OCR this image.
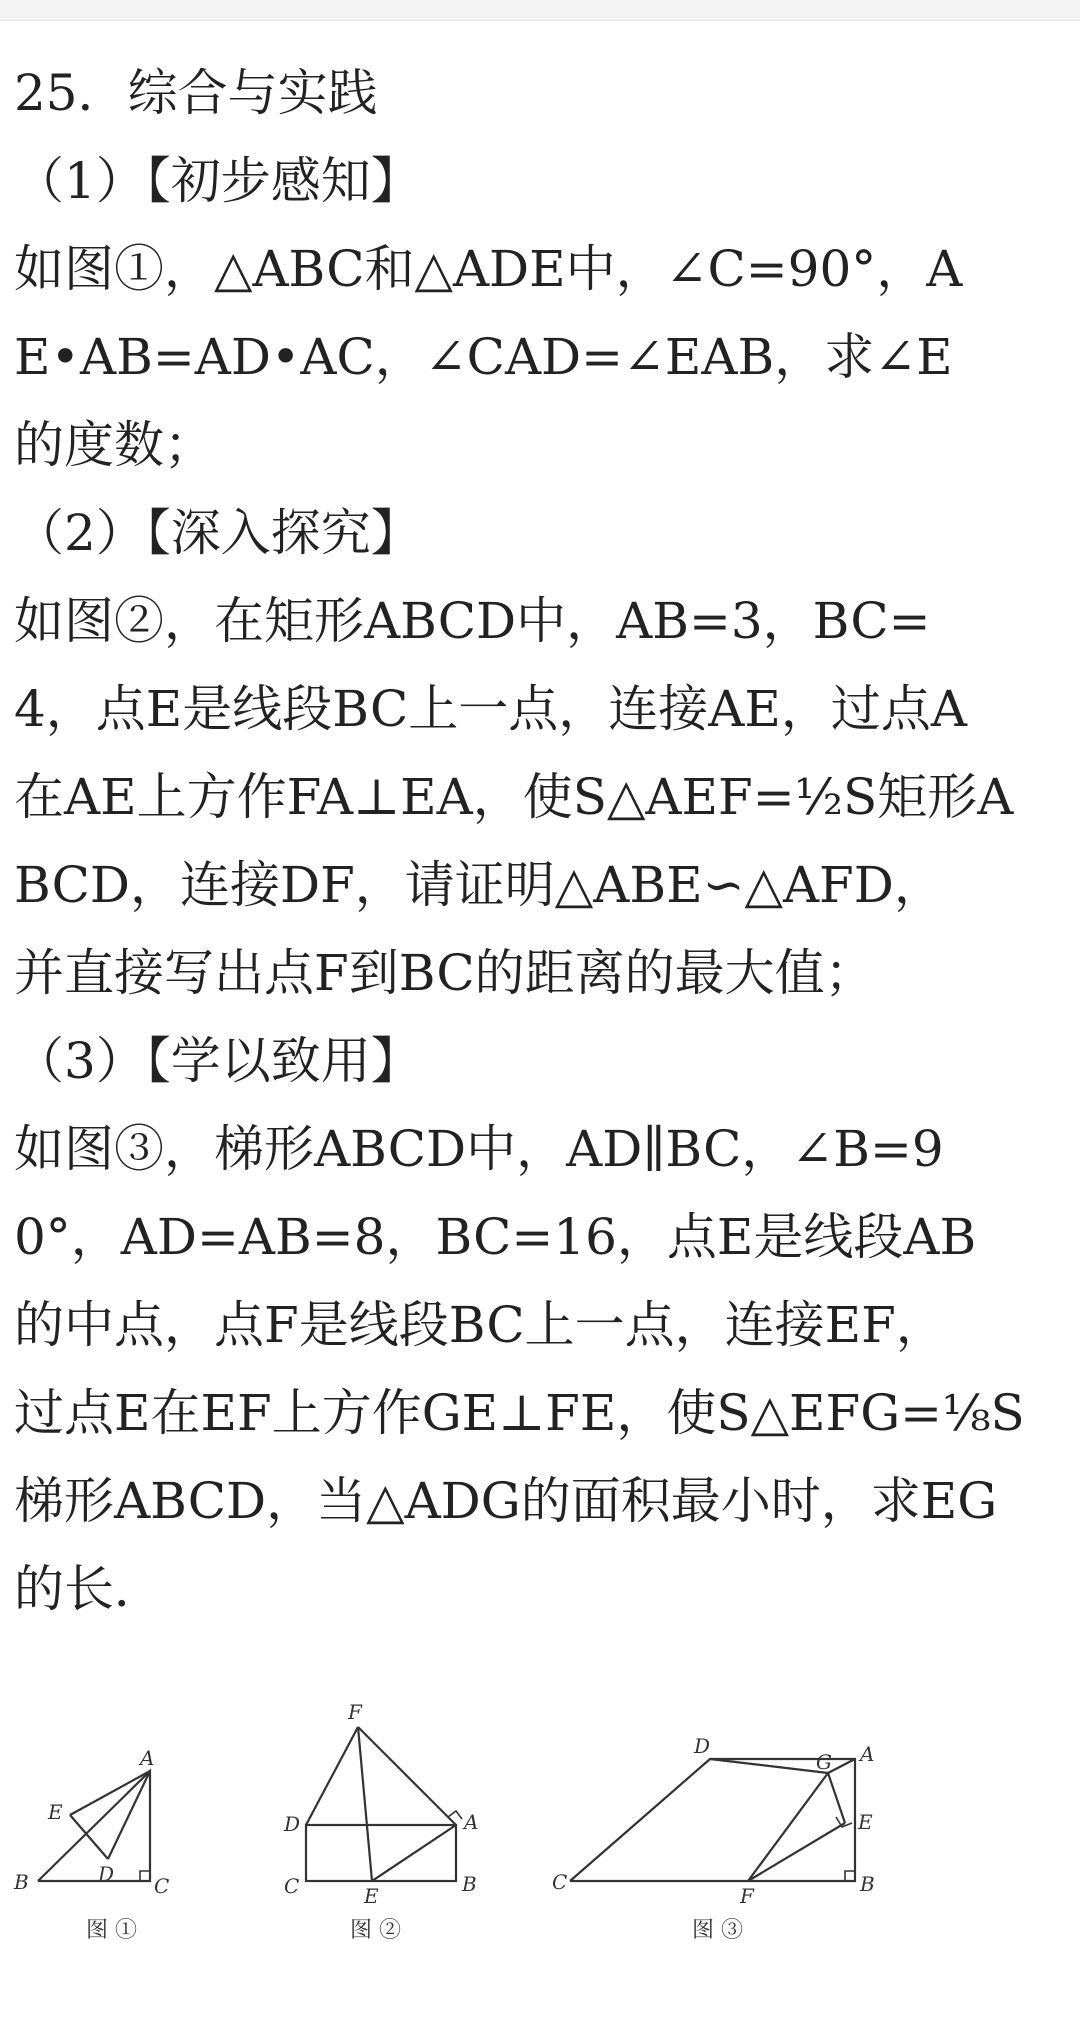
25．综合与实践
（1）【初步感知】
如图①，△ABC和△ADE中，∠C=90°，A
E•AB=AD•AC，∠CAD=∠EAB，求∠E
的度数；
（2）【深入探究】
如图②，在矩形ABCD中，AB=3，BC=
4，点E是线段BC上一点，连接AE，过点A
在AE上方作FA⊥EA，使S△AEF=½S矩形A
BCD，连接DF，请证明△ABE∽△AFD，
并直接写出点F到BC的距离的最大值；
（3）【学以致用】
如图③，梯形ABCD中，AD∥BC，∠B=9
0°，AD=AB=8，BC=16，点E是线段AB
的中点，点F是线段BC上一点，连接EF，
过点E在EF上方作GE⊥FE，使S△EFG=⅛S
梯形ABCD，当△ADG的面积最小时，求EG
的长．
A
B	C
D
E	A
B
C
D
E
F
A
B
C
D
E
F
G
图 ①	图 ②	图 ③
